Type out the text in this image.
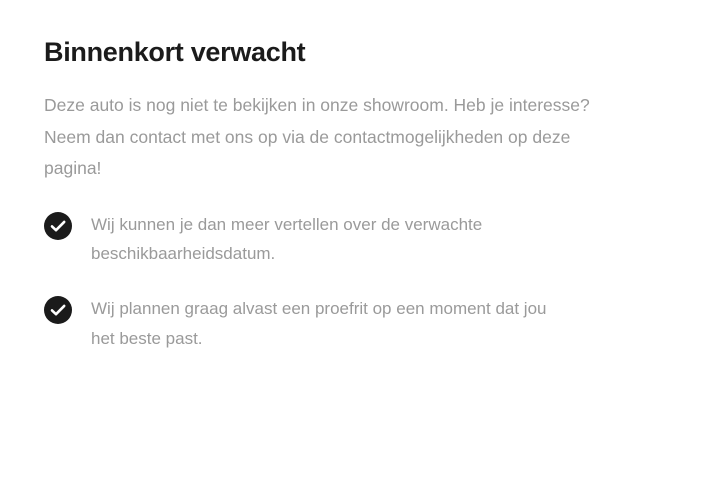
Binnenkort verwacht

Deze auto is nog niet te bekijken in onze showroom. Heb je interesse? Neem dan contact met ons op via de contactmogelijkheden op deze pagina!

Wij kunnen je dan meer vertellen over de verwachte beschikbaarheidsdatum.
Wij plannen graag alvast een proefrit op een moment dat jou het beste past.
